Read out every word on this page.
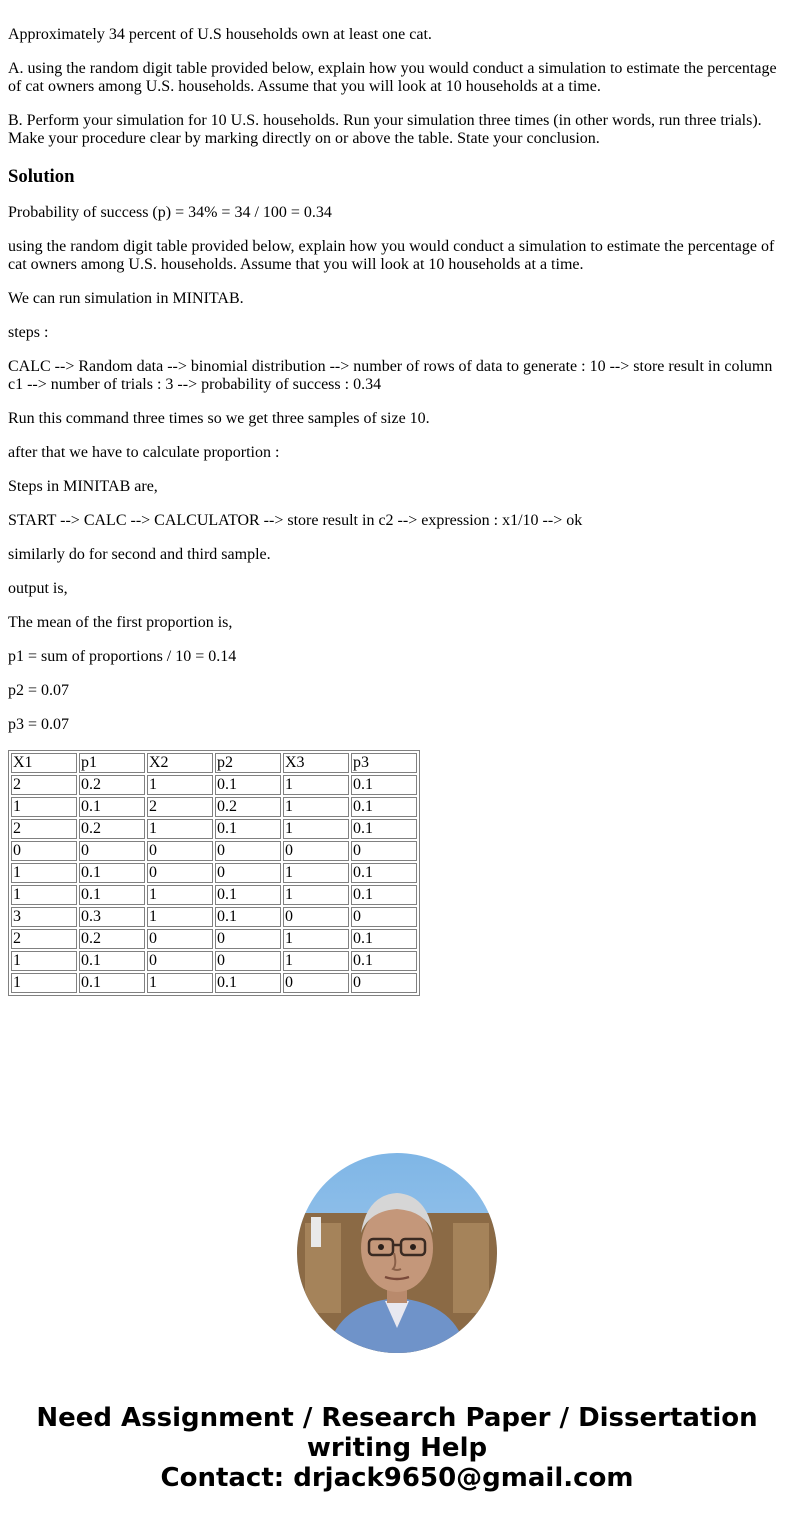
Approximately 34 percent of U.S households own at least one cat.

A. using the random digit table provided below, explain how you would conduct a simulation to estimate the percentage of cat owners among U.S. households. Assume that you will look at 10 households at a time.

B. Perform your simulation for 10 U.S. households. Run your simulation three times (in other words, run three trials). Make your procedure clear by marking directly on or above the table. State your conclusion.

Solution

Probability of success (p) = 34% = 34 / 100 = 0.34

using the random digit table provided below, explain how you would conduct a simulation to estimate the percentage of cat owners among U.S. households. Assume that you will look at 10 households at a time.

We can run simulation in MINITAB.

steps :

CALC --> Random data --> binomial distribution --> number of rows of data to generate : 10 --> store result in column c1 --> number of trials : 3 --> probability of success : 0.34

Run this command three times so we get three samples of size 10.

after that we have to calculate proportion :

Steps in MINITAB are,

START --> CALC --> CALCULATOR --> store result in c2 --> expression : x1/10 --> ok

similarly do for second and third sample.

output is,

The mean of the first proportion is,

p1 = sum of proportions / 10 = 0.14

p2 = 0.07

p3 = 0.07

X1	p1	X2	p2	X3	p3
2	0.2	1	0.1	1	0.1
1	0.1	2	0.2	1	0.1
2	0.2	1	0.1	1	0.1
0	0	0	0	0	0
1	0.1	0	0	1	0.1
1	0.1	1	0.1	1	0.1
3	0.3	1	0.1	0	0
2	0.2	0	0	1	0.1
1	0.1	0	0	1	0.1
1	0.1	1	0.1	0	0
Need Assignment / Research Paper / Dissertation
writing Help
Contact: drjack9650@gmail.com
